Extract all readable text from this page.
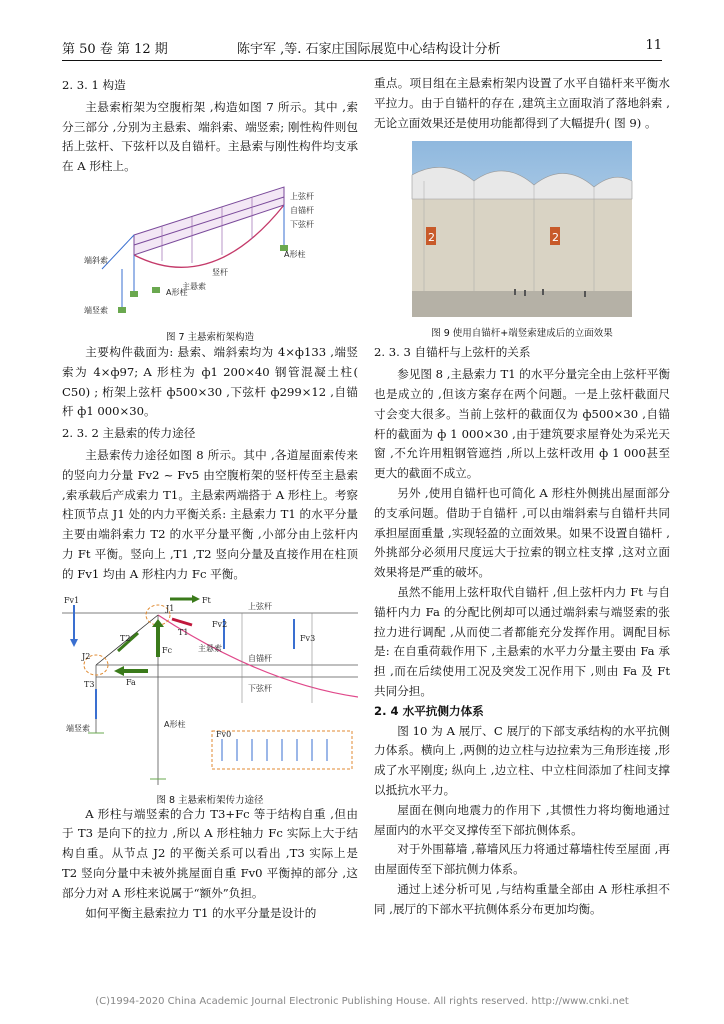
第 50 卷 第 12 期	陈宇军 ,等. 石家庄国际展览中心结构设计分析	11

2. 3. 1 构造

主悬索桁架为空腹桁架 ,构造如图 7 所示。其中 ,索分三部分 ,分别为主悬索、端斜索、端竖索; 刚性构件则包括上弦杆、下弦杆以及自锚杆。主悬索与刚性构件均支承在 A 形柱上。

上弦杆
自锚杆
下弦杆
端斜索
竖杆
主悬索
A形柱
A形柱
端竖索
图 7 主悬索桁架构造

主要构件截面为: 悬索、端斜索均为 4×ф133 ,端竖索为 4×ф97; A 形柱为 ф1 200×40 钢管混凝土柱( C50) ; 桁架上弦杆 ф500×30 ,下弦杆 ф299×12 ,自锚杆 ф1 000×30。

2. 3. 2 主悬索的传力途径

主悬索传力途径如图 8 所示。其中 ,各道屋面索传来的竖向力分量 Fv2 ~ Fv5 由空腹桁架的竖杆传至主悬索 ,索承载后产成索力 T1。主悬索两端搭于 A 形柱上。考察柱顶节点 J1 处的内力平衡关系: 主悬索力 T1 的水平分量主要由端斜索力 T2 的水平分量平衡 ,小部分由上弦杆内力 Ft 平衡。竖向上 ,T1 ,T2 竖向分量及直接作用在柱顶的 Fv1 均由 A 形柱内力 Fc 平衡。

Fv1	Ft
J1	上弦杆
Fv2
Fv3
T2
T1
主悬索
Fc
自锚杆
J2
T3	Fa
下弦杆
端竖索	A形柱
Fv0
图 8 主悬索桁架传力途径

A 形柱与端竖索的合力 T3+Fc 等于结构自重 ,但由于 T3 是向下的拉力 ,所以 A 形柱轴力 Fc 实际上大于结构自重。从节点 J2 的平衡关系可以看出 ,T3 实际上是 T2 竖向分量中未被外挑屋面自重 Fv0 平衡掉的部分 ,这部分力对 A 形柱来说属于“额外”负担。

如何平衡主悬索拉力 T1 的水平分量是设计的

重点。项目组在主悬索桁架内设置了水平自锚杆来平衡水平拉力。由于自锚杆的存在 ,建筑主立面取消了落地斜索 ,无论立面效果还是使用功能都得到了大幅提升( 图 9) 。

2	2
图 9 使用自锚杆+端竖索建成后的立面效果

2. 3. 3 自锚杆与上弦杆的关系

参见图 8 ,主悬索力 T1 的水平分量完全由上弦杆平衡也是成立的 ,但该方案存在两个问题。一是上弦杆截面尺寸会变大很多。当前上弦杆的截面仅为 ф500×30 ,自锚杆的截面为 ф 1 000×30 ,由于建筑要求屋脊处为采光天窗 ,不允许用粗钢管遮挡 ,所以上弦杆改用 ф 1 000甚至更大的截面不成立。

另外 ,使用自锚杆也可简化 A 形柱外侧挑出屋面部分的支承问题。借助于自锚杆 ,可以由端斜索与自锚杆共同承担屋面重量 ,实现轻盈的立面效果。如果不设置自锚杆 ,外挑部分必须用尺度远大于拉索的钢立柱支撑 ,这对立面效果将是严重的破坏。

虽然不能用上弦杆取代自锚杆 ,但上弦杆内力 Ft 与自锚杆内力 Fa 的分配比例却可以通过端斜索与端竖索的张拉力进行调配 ,从而使二者都能充分发挥作用。调配目标是: 在自重荷载作用下 ,主悬索的水平力分量主要由 Fa 承担 ,而在后续使用工况及突发工况作用下 ,则由 Fa 及 Ft 共同分担。

2. 4 水平抗侧力体系

图 10 为 A 展厅、C 展厅的下部支承结构的水平抗侧力体系。横向上 ,两侧的边立柱与边拉索为三角形连接 ,形成了水平刚度; 纵向上 ,边立柱、中立柱间添加了柱间支撑以抵抗水平力。

屋面在侧向地震力的作用下 ,其惯性力将均衡地通过屋面内的水平交叉撑传至下部抗侧体系。

对于外围幕墙 ,幕墙风压力将通过幕墙柱传至屋面 ,再由屋面传至下部抗侧力体系。

通过上述分析可见 ,与结构重量全部由 A 形柱承担不同 ,展厅的下部水平抗侧体系分布更加均衡。

(C)1994-2020 China Academic Journal Electronic Publishing House. All rights reserved. http://www.cnki.net
